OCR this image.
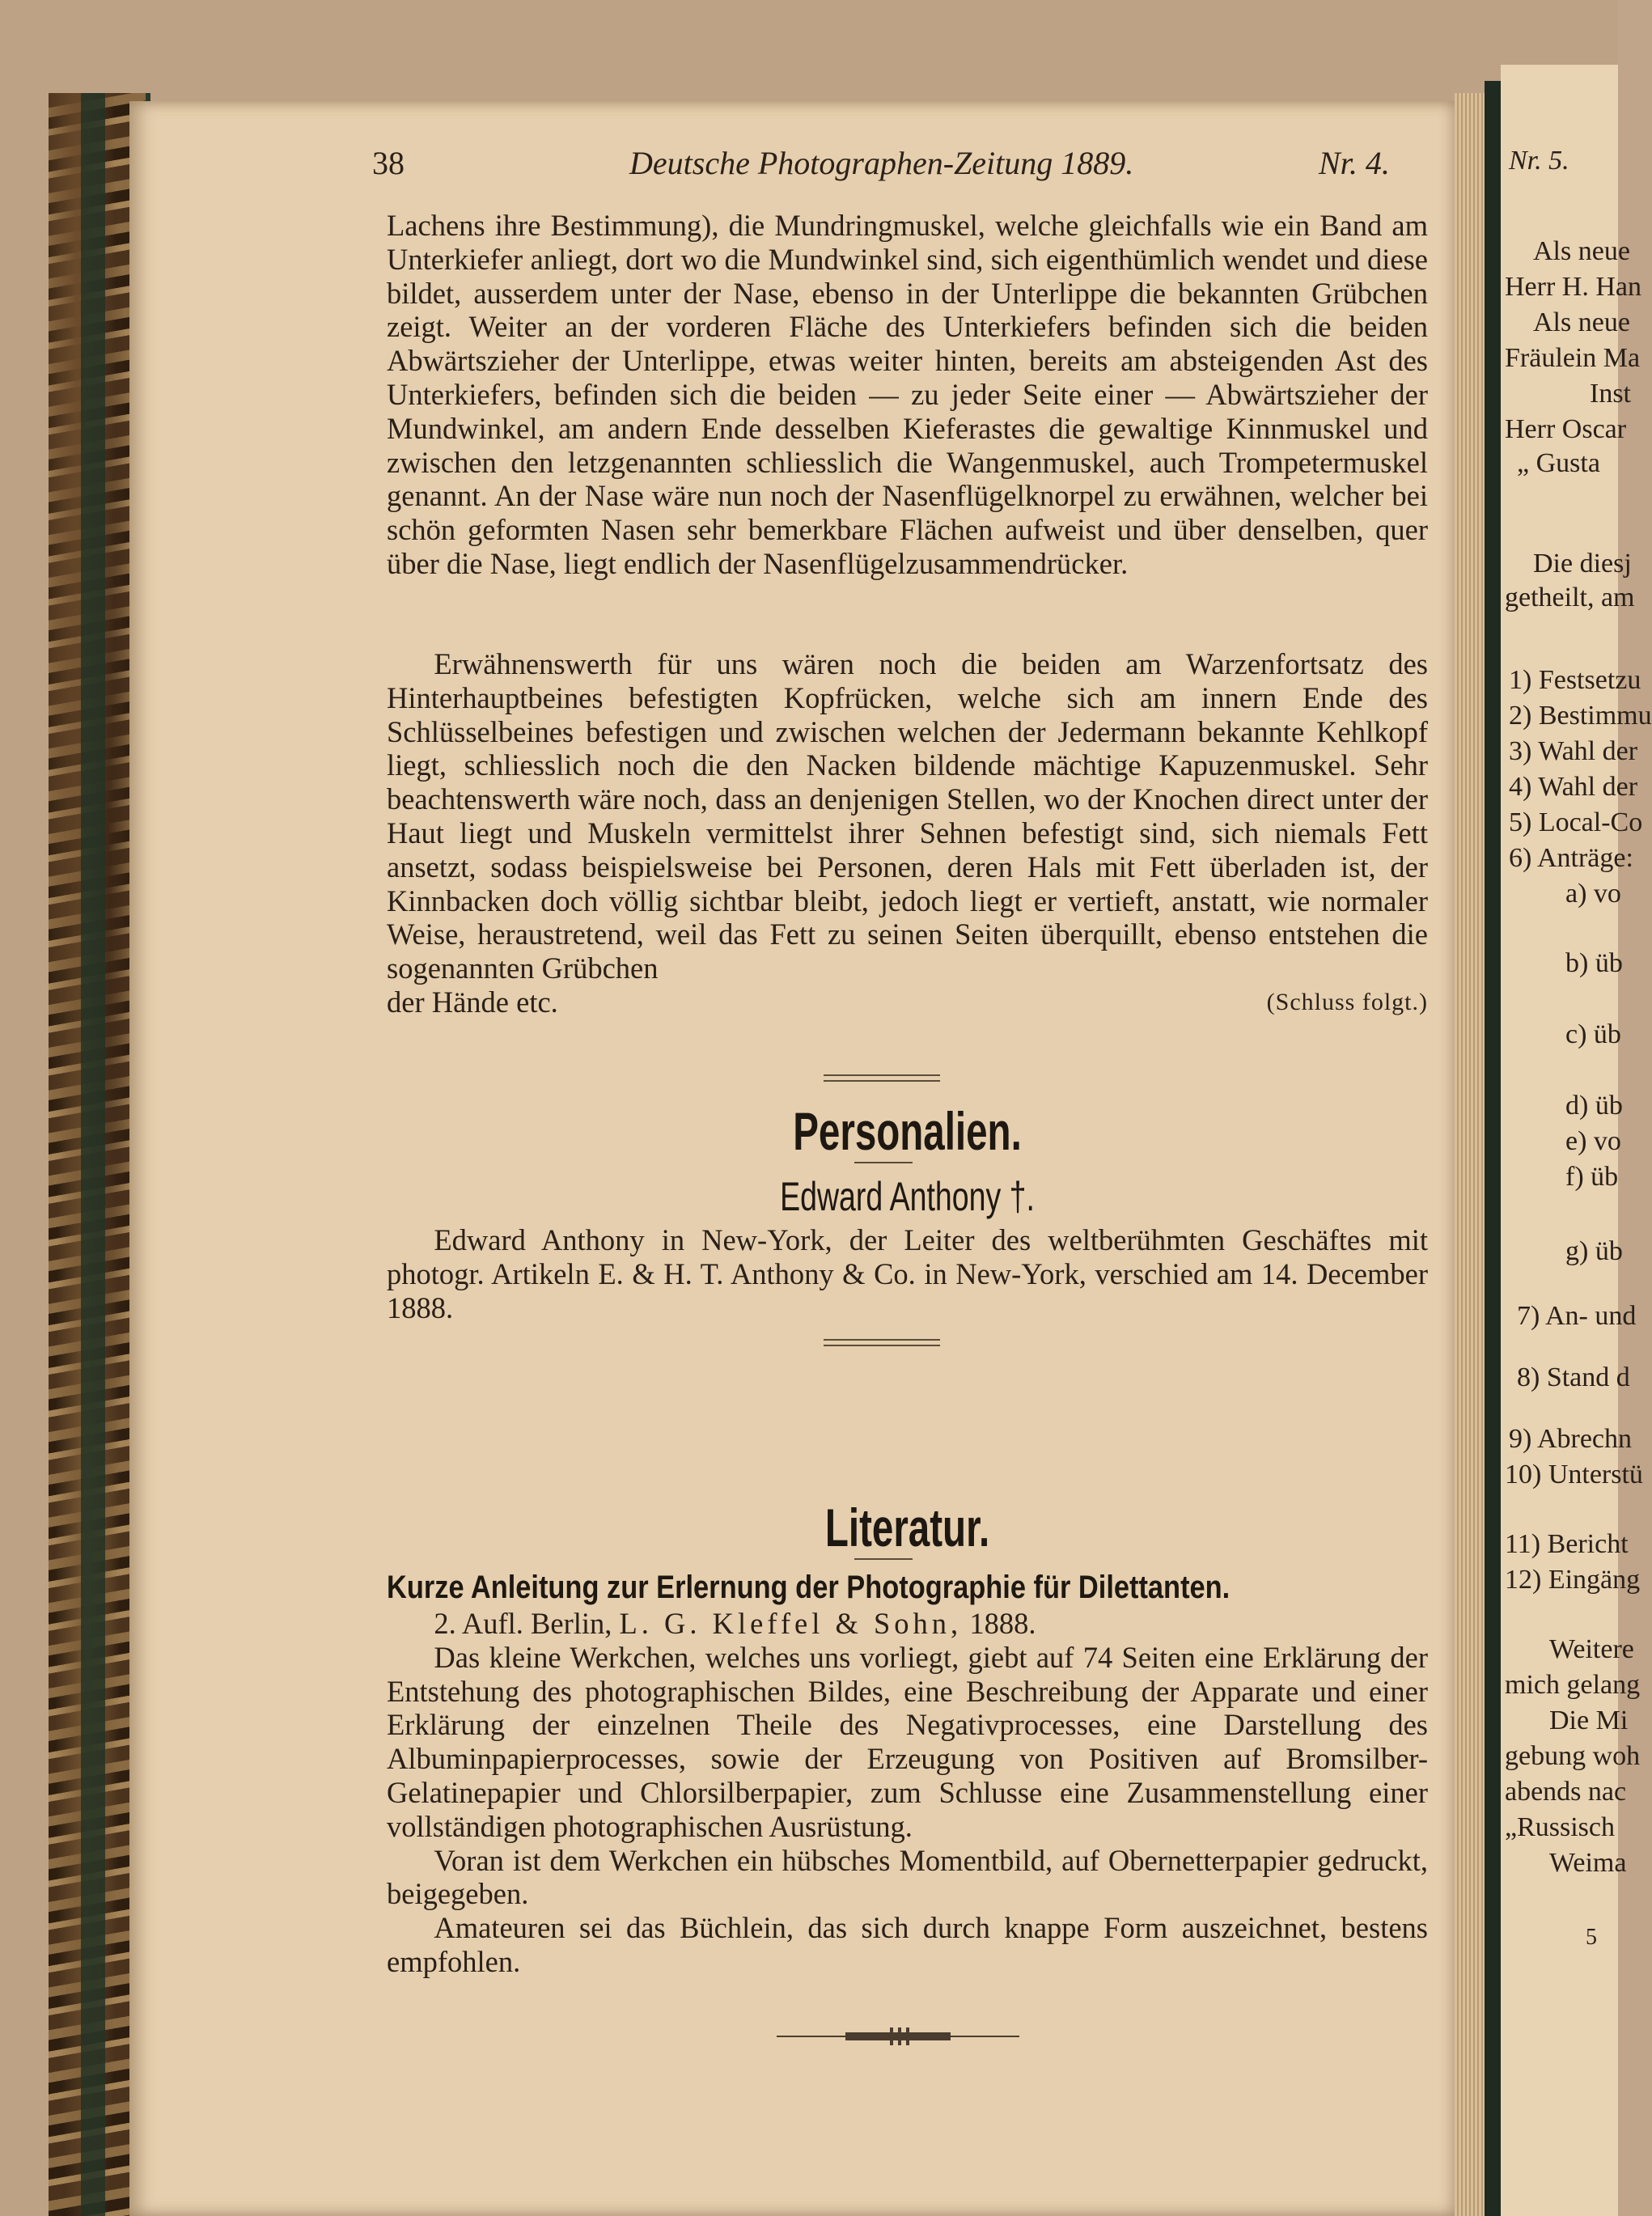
Nr. 5.
Als neue
Herr H. Han
Als neue
Fräulein Ma
Inst
Herr Oscar
„ Gusta
Die diesj
getheilt, am
1) Festsetzu
2) Bestimmu
3) Wahl der
4) Wahl der
5) Local-Co
6) Anträge:
a) vo
b) üb
c) üb
d) üb
e) vo
f) üb
g) üb
7) An- und
8) Stand d
9) Abrechn
10) Unterstü
11) Bericht
12) Eingäng
Weitere
mich gelang
Die Mi
gebung woh
abends nac
„Russisch
Weima
5
38	Deutsche Photographen-Zeitung 1889.	Nr. 4.

Lachens ihre Bestimmung), die Mundringmuskel, welche gleichfalls wie ein Band am Unterkiefer anliegt, dort wo die Mundwinkel sind, sich eigenthümlich wendet und diese bildet, ausserdem unter der Nase, ebenso in der Unterlippe die bekannten Grübchen zeigt. Weiter an der vorderen Fläche des Unterkiefers befinden sich die beiden Abwärtszieher der Unterlippe, etwas weiter hinten, bereits am absteigenden Ast des Unterkiefers, befinden sich die beiden — zu jeder Seite einer — Abwärtszieher der Mundwinkel, am andern Ende desselben Kieferastes die gewaltige Kinnmuskel und zwischen den letzgenannten schliesslich die Wangenmuskel, auch Trompetermuskel genannt. An der Nase wäre nun noch der Nasenflügelknorpel zu erwähnen, welcher bei schön geformten Nasen sehr bemerkbare Flächen aufweist und über denselben, quer über die Nase, liegt endlich der Nasenflügelzusammendrücker.

Erwähnenswerth für uns wären noch die beiden am Warzenfortsatz des Hinterhauptbeines befestigten Kopfrücken, welche sich am innern Ende des Schlüsselbeines befestigen und zwischen welchen der Jedermann bekannte Kehlkopf liegt, schliesslich noch die den Nacken bildende mächtige Kapuzenmuskel. Sehr beachtenswerth wäre noch, dass an denjenigen Stellen, wo der Knochen direct unter der Haut liegt und Muskeln vermittelst ihrer Sehnen befestigt sind, sich niemals Fett ansetzt, sodass beispielsweise bei Personen, deren Hals mit Fett überladen ist, der Kinnbacken doch völlig sichtbar bleibt, jedoch liegt er vertieft, anstatt, wie normaler Weise, heraustretend, weil das Fett zu seinen Seiten überquillt, ebenso entstehen die sogenannten Grübchen

der Hände etc.	(Schluss folgt.)
Personalien.
Edward Anthony †.

Edward Anthony in New-York, der Leiter des weltberühmten Geschäftes mit photogr. Artikeln E. & H. T. Anthony & Co. in New-York, verschied am 14. December 1888.

Literatur.
Kurze Anleitung zur Erlernung der Photographie für Dilettanten.

2. Aufl. Berlin, L. G. Kleffel & Sohn, 1888.

Das kleine Werkchen, welches uns vorliegt, giebt auf 74 Seiten eine Erklärung der Entstehung des photographischen Bildes, eine Beschreibung der Apparate und einer Erklärung der einzelnen Theile des Negativprocesses, eine Darstellung des Albuminpapierprocesses, sowie der Erzeugung von Positiven auf Bromsilber-Gelatinepapier und Chlorsilberpapier, zum Schlusse eine Zusammenstellung einer vollständigen photographischen Ausrüstung.

Voran ist dem Werkchen ein hübsches Momentbild, auf Obernetterpapier gedruckt, beigegeben.

Amateuren sei das Büchlein, das sich durch knappe Form auszeichnet, bestens empfohlen.
